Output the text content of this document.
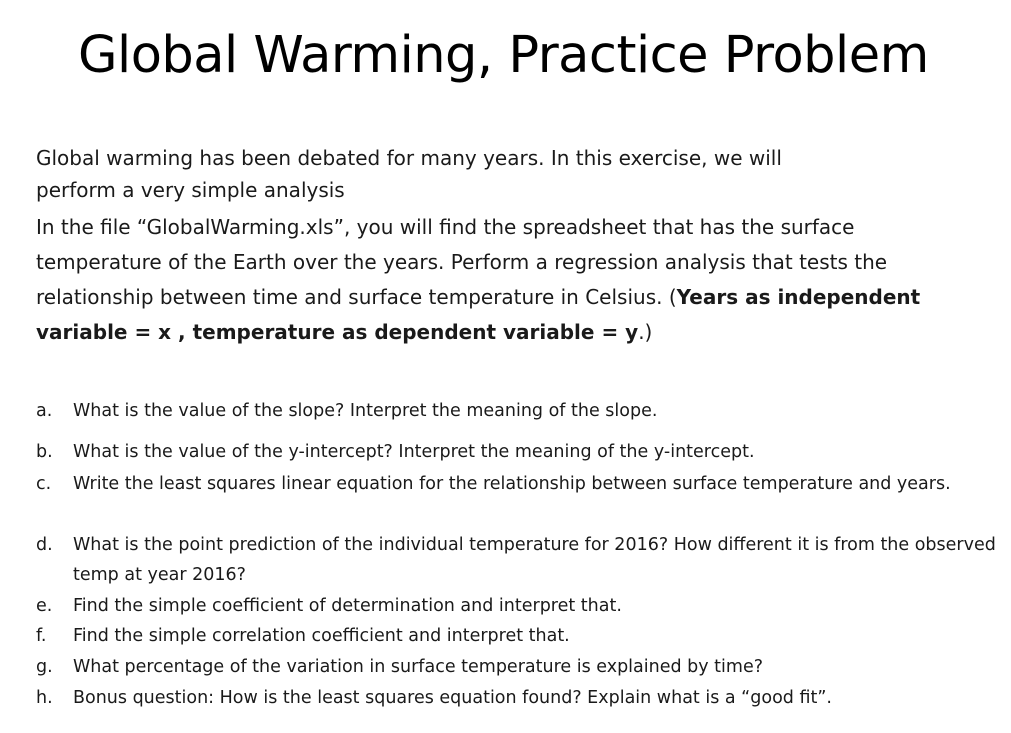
Global Warming, Practice Problem

Global warming has been debated for many years. In this exercise, we will perform a very simple analysis

In the file “GlobalWarming.xls”, you will find the spreadsheet that has the surface temperature of the Earth over the years. Perform a regression analysis that tests the relationship between time and surface temperature in Celsius. (Years as independent variable = x , temperature as dependent variable = y.)

a.	What is the value of the slope? Interpret the meaning of the slope.
b.	What is the value of the y-intercept? Interpret the meaning of the y-intercept.
c.	Write the least squares linear equation for the relationship between surface temperature and years.
d.	What is the point prediction of the individual temperature for 2016? How different it is from the observed temp at year 2016?
e.	Find the simple coefficient of determination and interpret that.
f.	Find the simple correlation coefficient and interpret that.
g.	What percentage of the variation in surface temperature is explained by time?
h.	Bonus question: How is the least squares equation found? Explain what is a “good fit”.
